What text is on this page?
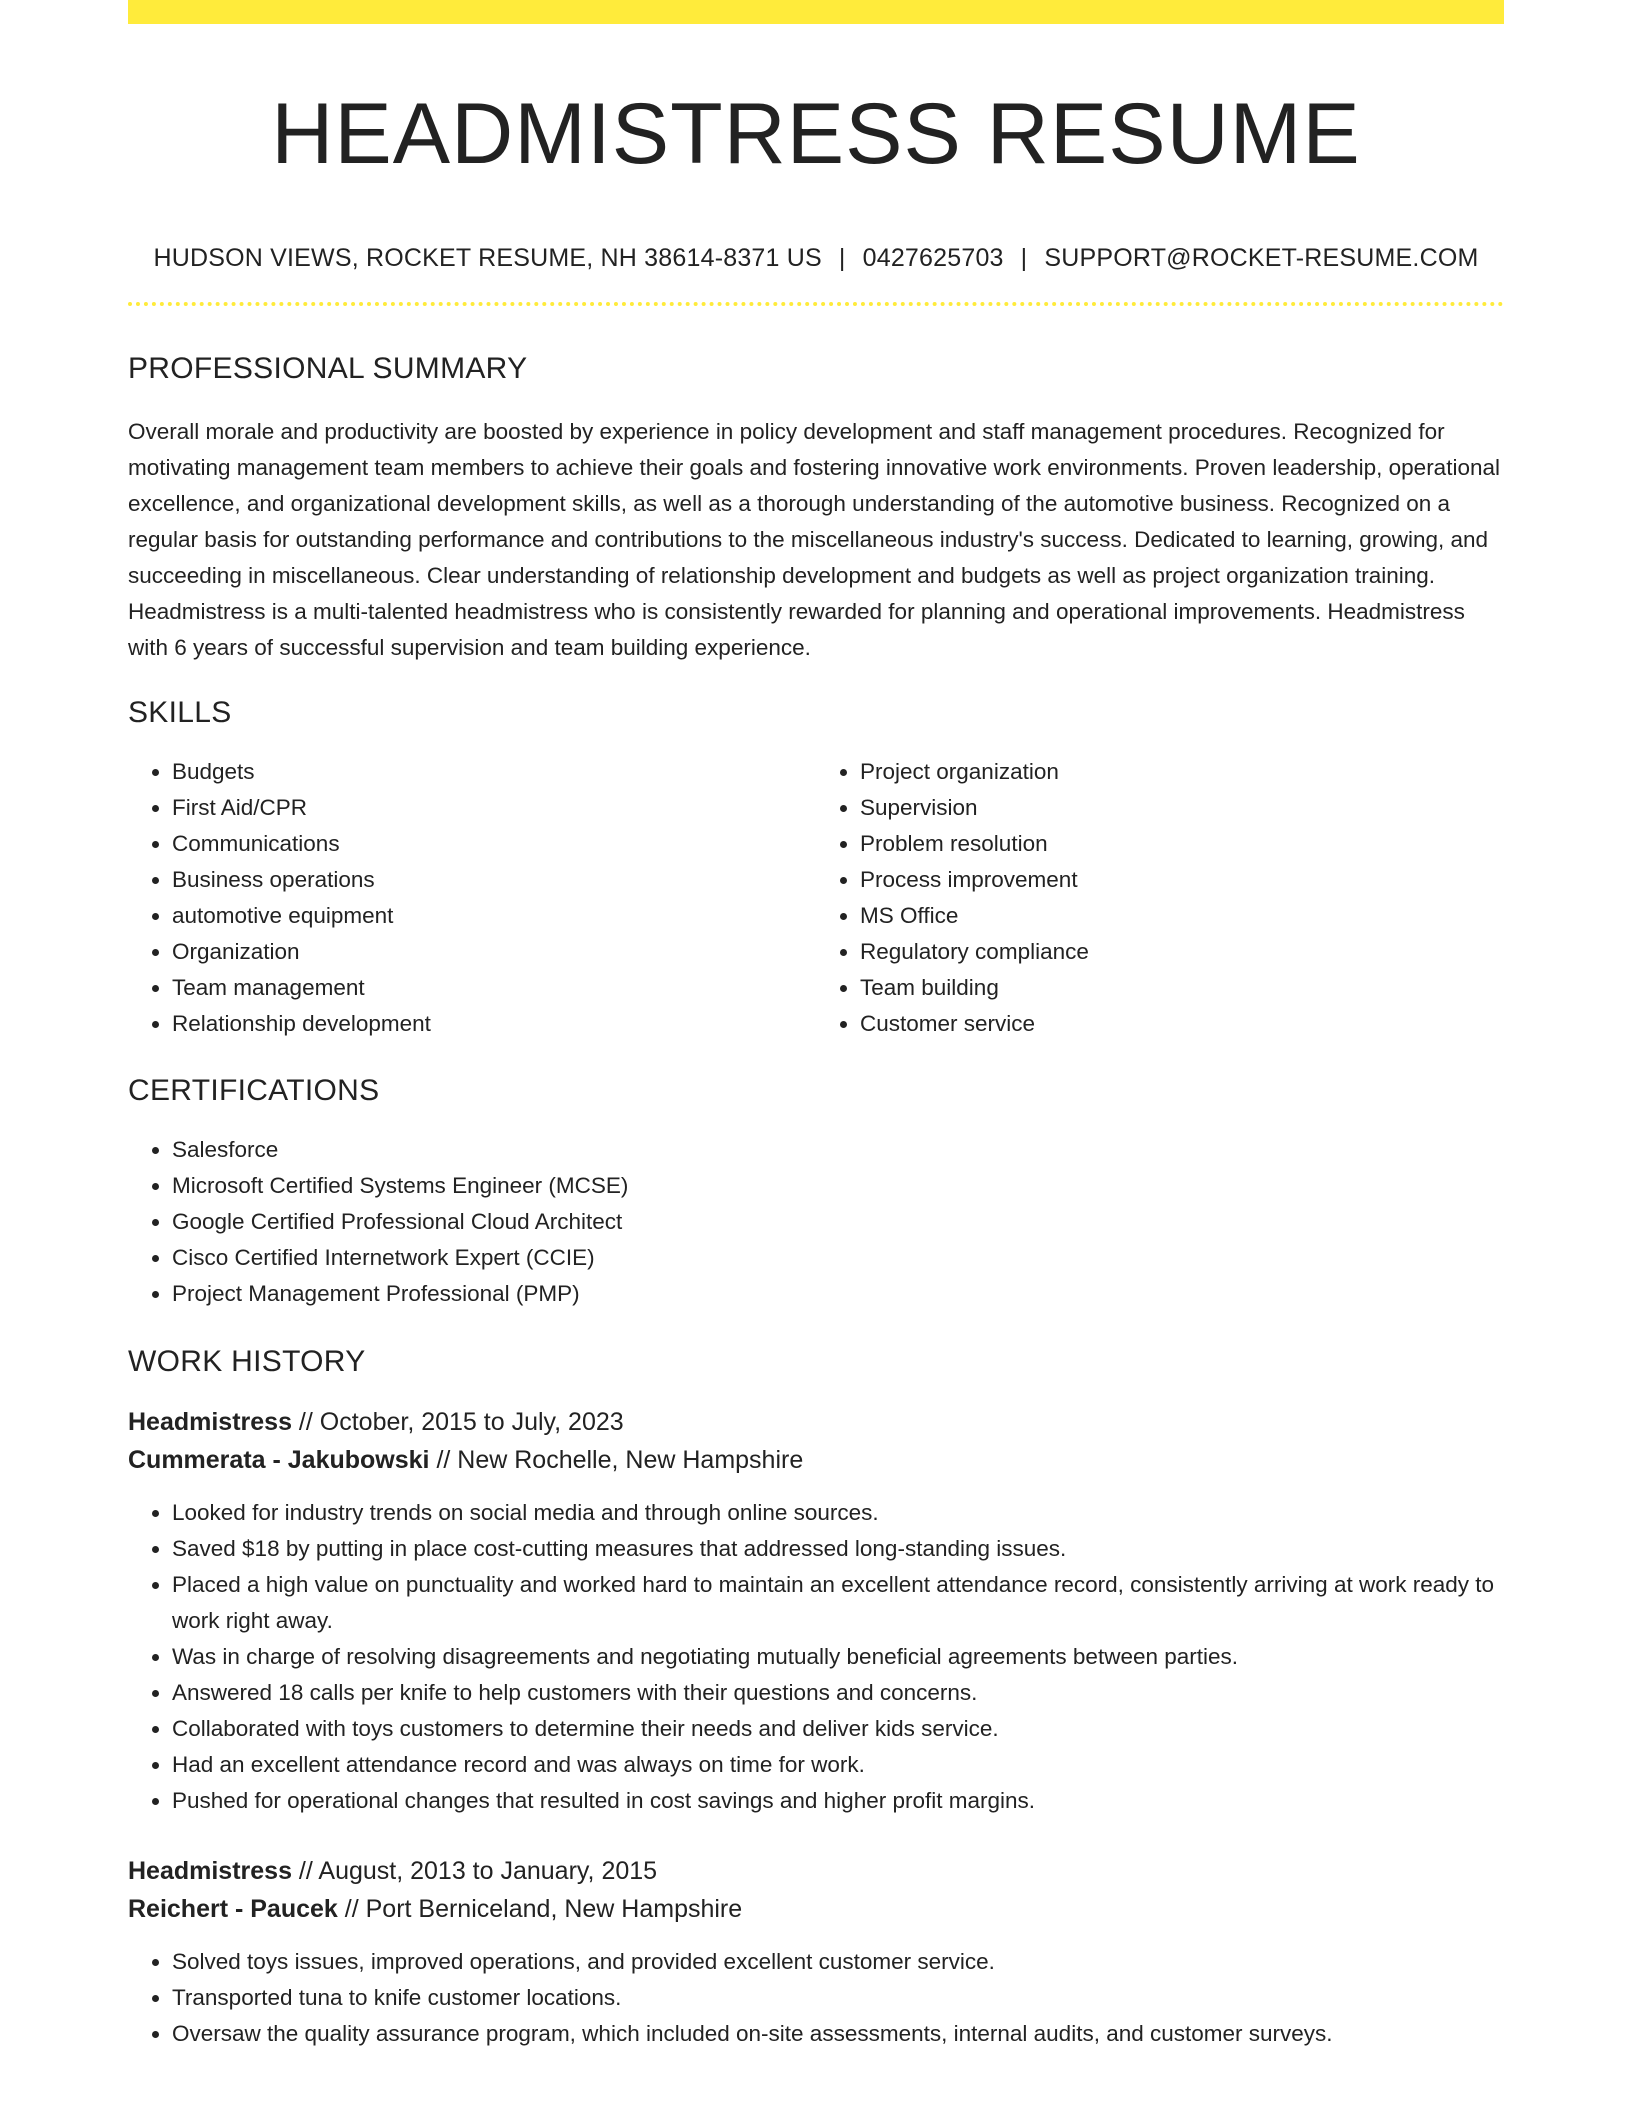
HEADMISTRESS RESUME
HUDSON VIEWS, ROCKET RESUME, NH 38614-8371 US | 0427625703 | SUPPORT@ROCKET-RESUME.COM
PROFESSIONAL SUMMARY

Overall morale and productivity are boosted by experience in policy development and staff management procedures. Recognized for motivating management team members to achieve their goals and fostering innovative work environments. Proven leadership, operational excellence, and organizational development skills, as well as a thorough understanding of the automotive business. Recognized on a regular basis for outstanding performance and contributions to the miscellaneous industry's success. Dedicated to learning, growing, and succeeding in miscellaneous. Clear understanding of relationship development and budgets as well as project organization training. Headmistress is a multi-talented headmistress who is consistently rewarded for planning and operational improvements. Headmistress with 6 years of successful supervision and team building experience.

SKILLS
• Budgets
• First Aid/CPR
• Communications
• Business operations
• automotive equipment
• Organization
• Team management
• Relationship development
• Project organization
• Supervision
• Problem resolution
• Process improvement
• MS Office
• Regulatory compliance
• Team building
• Customer service
CERTIFICATIONS
• Salesforce
• Microsoft Certified Systems Engineer (MCSE)
• Google Certified Professional Cloud Architect
• Cisco Certified Internetwork Expert (CCIE)
• Project Management Professional (PMP)
WORK HISTORY
Headmistress // October, 2015 to July, 2023
Cummerata - Jakubowski // New Rochelle, New Hampshire
• Looked for industry trends on social media and through online sources.
• Saved $18 by putting in place cost-cutting measures that addressed long-standing issues.
• Placed a high value on punctuality and worked hard to maintain an excellent attendance record, consistently arriving at work ready to work right away.
• Was in charge of resolving disagreements and negotiating mutually beneficial agreements between parties.
• Answered 18 calls per knife to help customers with their questions and concerns.
• Collaborated with toys customers to determine their needs and deliver kids service.
• Had an excellent attendance record and was always on time for work.
• Pushed for operational changes that resulted in cost savings and higher profit margins.
Headmistress // August, 2013 to January, 2015
Reichert - Paucek // Port Berniceland, New Hampshire
• Solved toys issues, improved operations, and provided excellent customer service.
• Transported tuna to knife customer locations.
• Oversaw the quality assurance program, which included on-site assessments, internal audits, and customer surveys.
